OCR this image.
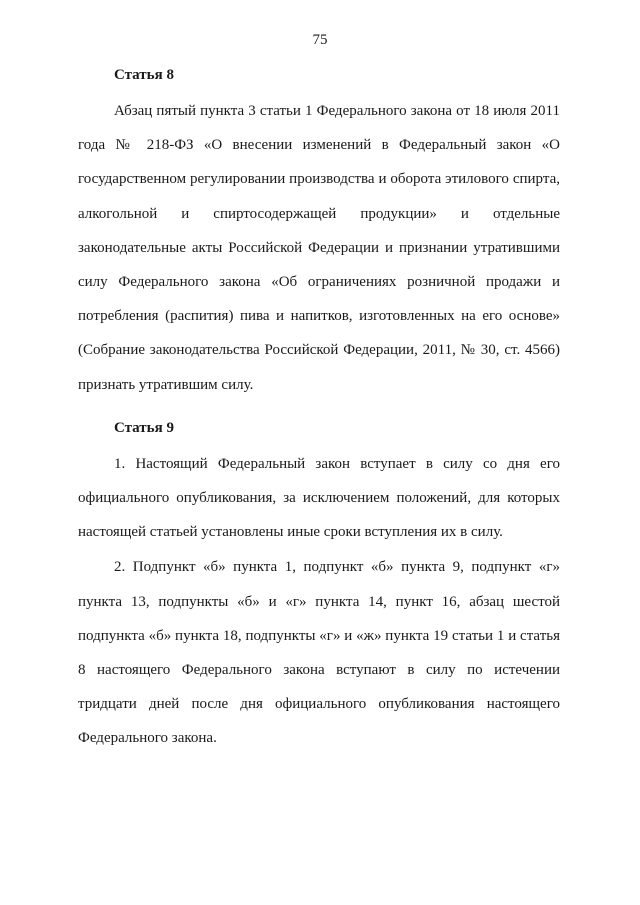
75
Статья 8

Абзац пятый пункта 3 статьи 1 Федерального закона от 18 июля 2011 года № 218-ФЗ «О внесении изменений в Федеральный закон «О государственном регулировании производства и оборота этилового спирта, алкогольной и спиртосодержащей продукции» и отдельные законодательные акты Российской Федерации и признании утратившими силу Федерального закона «Об ограничениях розничной продажи и потребления (распития) пива и напитков, изготовленных на его основе» (Собрание законодательства Российской Федерации, 2011, № 30, ст. 4566) признать утратившим силу.

Статья 9

1. Настоящий Федеральный закон вступает в силу со дня его официального опубликования, за исключением положений, для которых настоящей статьей установлены иные сроки вступления их в силу.

2. Подпункт «б» пункта 1, подпункт «б» пункта 9, подпункт «г» пункта 13, подпункты «б» и «г» пункта 14, пункт 16, абзац шестой подпункта «б» пункта 18, подпункты «г» и «ж» пункта 19 статьи 1 и статья 8 настоящего Федерального закона вступают в силу по истечении тридцати дней после дня официального опубликования настоящего Федерального закона.
